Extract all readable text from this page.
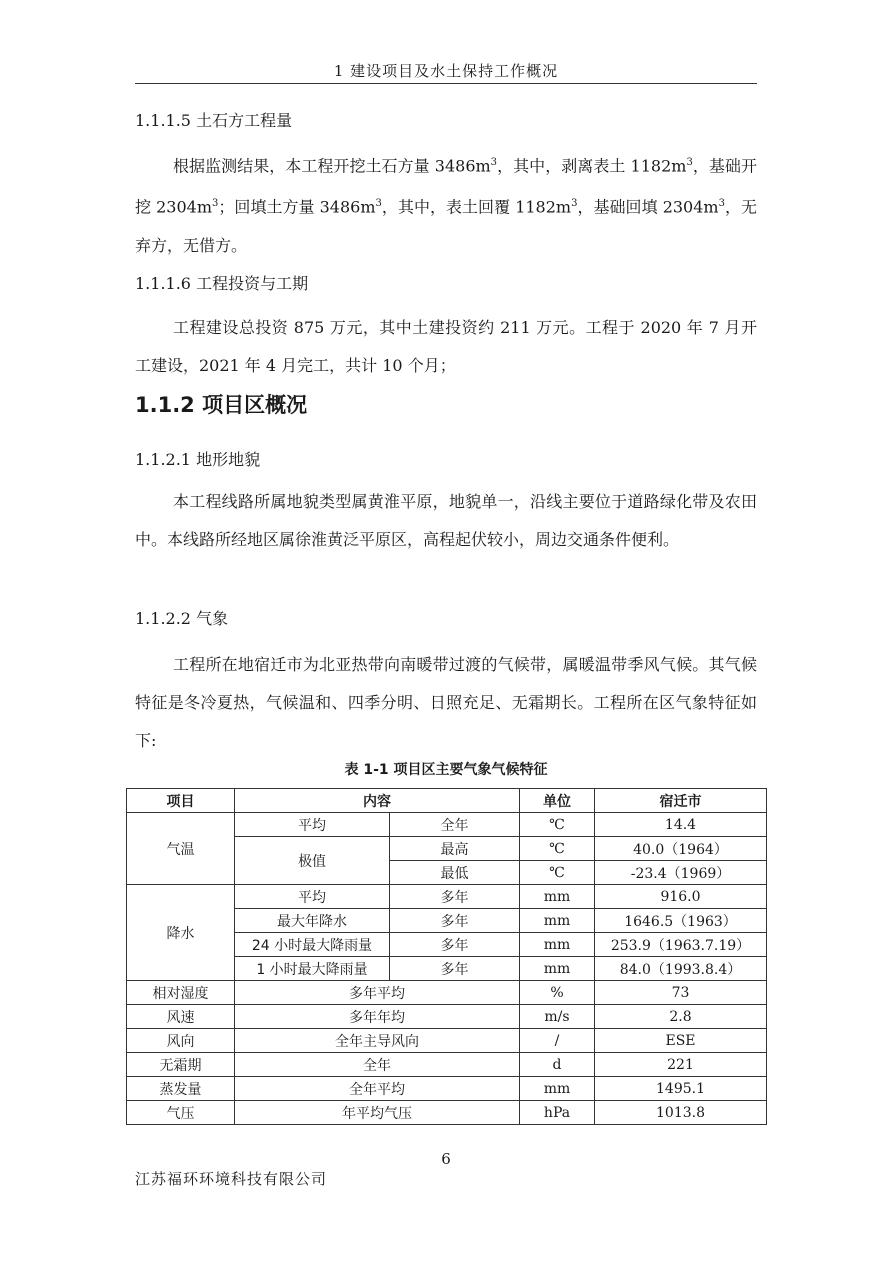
1 建设项目及水土保持工作概况
1.1.1.5 土石方工程量

根据监测结果，本工程开挖土石方量 $3486m^3$，其中，剥离表土 $1182m^3$，基础开挖 $2304m^3$；回填土方量 $3486m^3$，其中，表土回覆 $1182m^3$，基础回填 $2304m^3$，无弃方，无借方。

1.1.1.6 工程投资与工期

工程建设总投资 875 万元，其中土建投资约 211 万元。工程于 2020 年 7 月开工建设，2021 年 4 月完工，共计 10 个月；

1.1.2 项目区概况
1.1.2.1 地形地貌

本工程线路所属地貌类型属黄淮平原，地貌单一，沿线主要位于道路绿化带及农田中。本线路所经地区属徐淮黄泛平原区，高程起伏较小，周边交通条件便利。

1.1.2.2 气象

工程所在地宿迁市为北亚热带向南暖带过渡的气候带，属暖温带季风气候。其气候特征是冬冷夏热，气候温和、四季分明、日照充足、无霜期长。工程所在区气象特征如下:

表 1-1 项目区主要气象气候特征
项目	内容		单位	宿迁市
气温	平均	全年	℃	14.4
	极值	最高	℃	40.0（1964）
		最低	℃	-23.4（1969）
降水	平均	多年	mm	916.0
	最大年降水	多年	mm	1646.5（1963）
	24 小时最大降雨量	多年	mm	253.9（1963.7.19）
	1 小时最大降雨量	多年	mm	84.0（1993.8.4）
相对湿度	多年平均		%	73
风速	多年年均		m/s	2.8
风向	全年主导风向		/	ESE
无霜期	全年		d	221
蒸发量	全年平均		mm	1495.1
气压	年平均气压		hPa	1013.8
6
江苏福环环境科技有限公司
